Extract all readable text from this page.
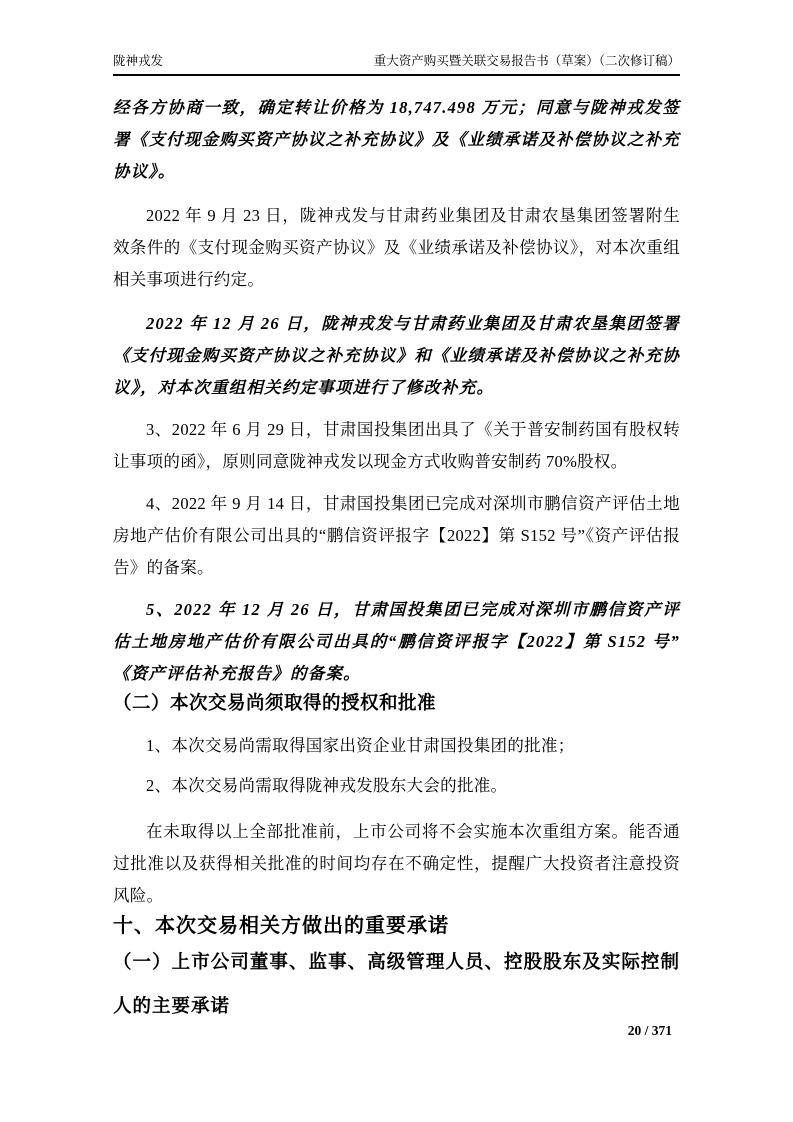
陇神戎发	重大资产购买暨关联交易报告书（草案）（二次修订稿）

经各方协商一致，确定转让价格为 18,747.498 万元；同意与陇神戎发签署《支付现金购买资产协议之补充协议》及《业绩承诺及补偿协议之补充协议》。

2022 年 9 月 23 日，陇神戎发与甘肃药业集团及甘肃农垦集团签署附生效条件的《支付现金购买资产协议》及《业绩承诺及补偿协议》，对本次重组相关事项进行约定。

2022 年 12 月 26 日，陇神戎发与甘肃药业集团及甘肃农垦集团签署《支付现金购买资产协议之补充协议》和《业绩承诺及补偿协议之补充协议》，对本次重组相关约定事项进行了修改补充。

3、2022 年 6 月 29 日，甘肃国投集团出具了《关于普安制药国有股权转让事项的函》，原则同意陇神戎发以现金方式收购普安制药 70%股权。

4、2022 年 9 月 14 日，甘肃国投集团已完成对深圳市鹏信资产评估土地房地产估价有限公司出具的“鹏信资评报字【2022】第 S152 号”《资产评估报告》的备案。

5、2022 年 12 月 26 日，甘肃国投集团已完成对深圳市鹏信资产评估土地房地产估价有限公司出具的“鹏信资评报字【2022】第 S152 号” 《资产评估补充报告》的备案。

（二）本次交易尚须取得的授权和批准

1、本次交易尚需取得国家出资企业甘肃国投集团的批准；

2、本次交易尚需取得陇神戎发股东大会的批准。

在未取得以上全部批准前，上市公司将不会实施本次重组方案。能否通过批准以及获得相关批准的时间均存在不确定性，提醒广大投资者注意投资风险。

十、本次交易相关方做出的重要承诺
（一）上市公司董事、监事、高级管理人员、控股股东及实际控制人的主要承诺
20 / 371
